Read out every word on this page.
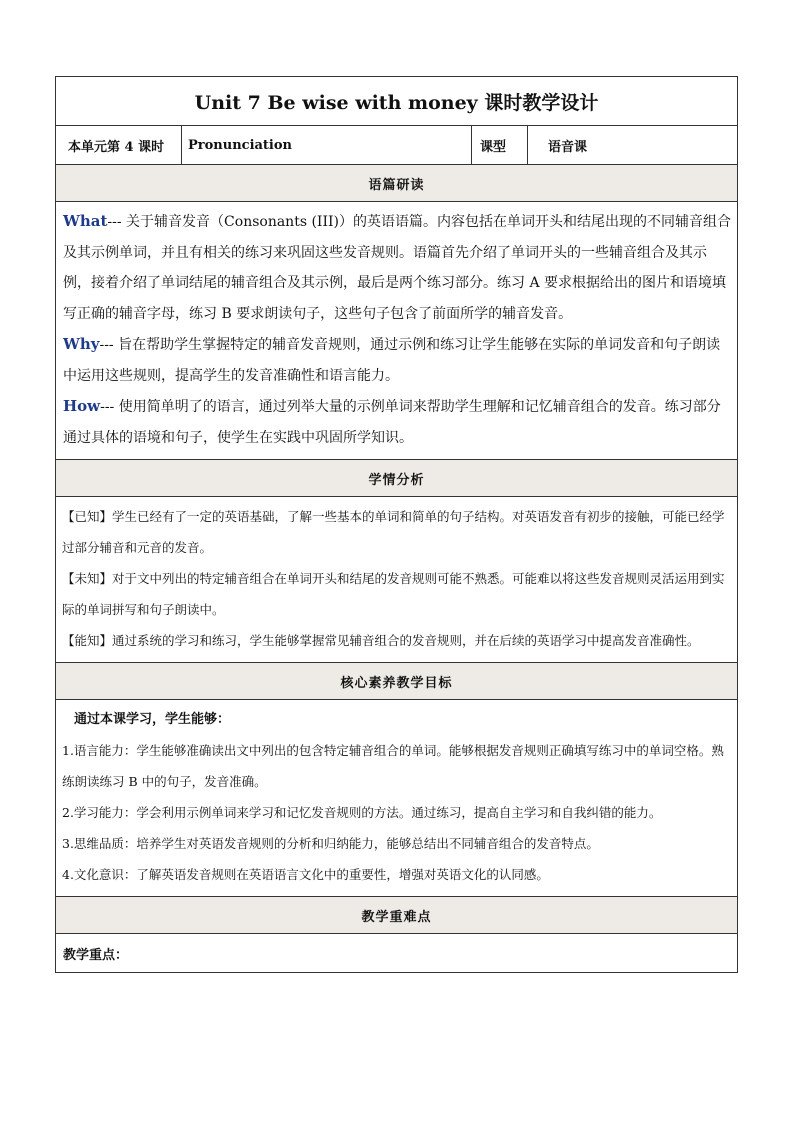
Unit 7 Be wise with money 课时教学设计
本单元第 4 课时	Pronunciation	课型	语音课
语篇研读

What--- 关于辅音发音（Consonants (III)）的英语语篇。内容包括在单词开头和结尾出现的不同辅音组合及其示例单词，并且有相关的练习来巩固这些发音规则。语篇首先介绍了单词开头的一些辅音组合及其示例，接着介绍了单词结尾的辅音组合及其示例，最后是两个练习部分。练习 A 要求根据给出的图片和语境填写正确的辅音字母，练习 B 要求朗读句子，这些句子包含了前面所学的辅音发音。

Why--- 旨在帮助学生掌握特定的辅音发音规则，通过示例和练习让学生能够在实际的单词发音和句子朗读中运用这些规则，提高学生的发音准确性和语言能力。

How--- 使用简单明了的语言，通过列举大量的示例单词来帮助学生理解和记忆辅音组合的发音。练习部分通过具体的语境和句子，使学生在实践中巩固所学知识。

学情分析

【已知】学生已经有了一定的英语基础，了解一些基本的单词和简单的句子结构。对英语发音有初步的接触，可能已经学过部分辅音和元音的发音。

【未知】对于文中列出的特定辅音组合在单词开头和结尾的发音规则可能不熟悉。可能难以将这些发音规则灵活运用到实际的单词拼写和句子朗读中。

【能知】通过系统的学习和练习，学生能够掌握常见辅音组合的发音规则，并在后续的英语学习中提高发音准确性。

核心素养教学目标

通过本课学习，学生能够：

1.语言能力：学生能够准确读出文中列出的包含特定辅音组合的单词。能够根据发音规则正确填写练习中的单词空格。熟练朗读练习 B 中的句子，发音准确。

2.学习能力：学会利用示例单词来学习和记忆发音规则的方法。通过练习，提高自主学习和自我纠错的能力。

3.思维品质：培养学生对英语发音规则的分析和归纳能力，能够总结出不同辅音组合的发音特点。

4.文化意识：了解英语发音规则在英语语言文化中的重要性，增强对英语文化的认同感。

教学重难点
教学重点：
